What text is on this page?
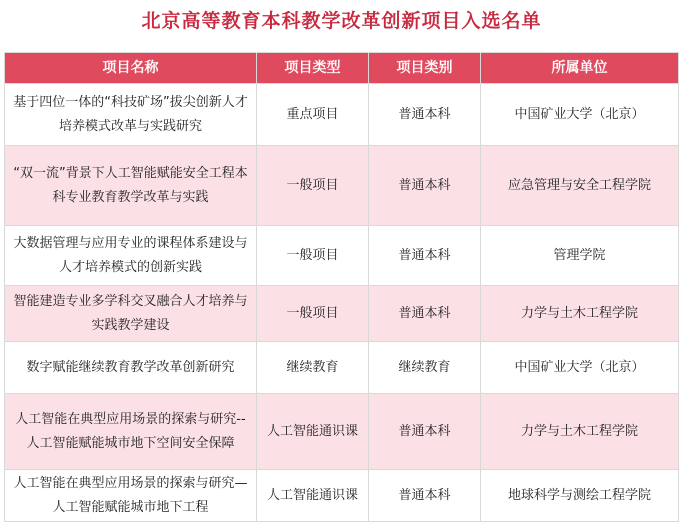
北京高等教育本科教学改革创新项目入选名单
项目名称	项目类型	项目类别	所属单位
基于四位一体的“科技矿场”拔尖创新人才培养模式改革与实践研究	重点项目	普通本科	中国矿业大学（北京）
“双一流”背景下人工智能赋能安全工程本科专业教育教学改革与实践	一般项目	普通本科	应急管理与安全工程学院
大数据管理与应用专业的课程体系建设与人才培养模式的创新实践	一般项目	普通本科	管理学院
智能建造专业多学科交叉融合人才培养与实践教学建设	一般项目	普通本科	力学与土木工程学院
数字赋能继续教育教学改革创新研究	继续教育	继续教育	中国矿业大学（北京）
人工智能在典型应用场景的探索与研究--人工智能赋能城市地下空间安全保障	人工智能通识课	普通本科	力学与土木工程学院
人工智能在典型应用场景的探索与研究—人工智能赋能城市地下工程	人工智能通识课	普通本科	地球科学与测绘工程学院
